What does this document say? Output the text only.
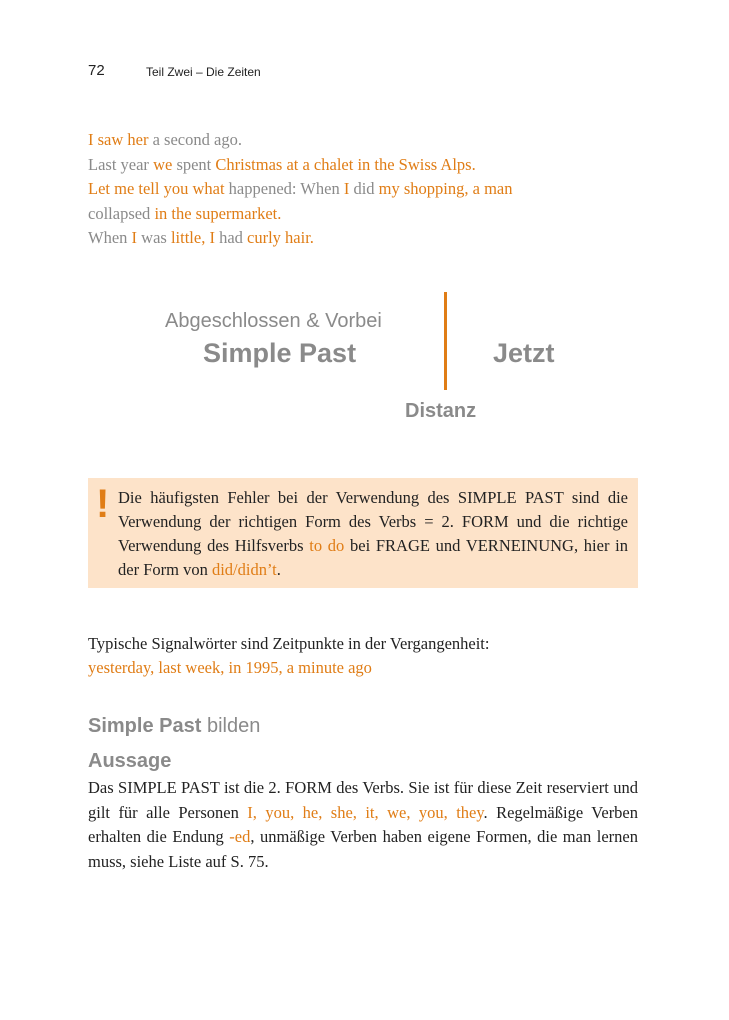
72	Teil Zwei – Die Zeiten

I saw her a second ago.

Last year we spent Christmas at a chalet in the Swiss Alps.

Let me tell you what happened: When I did my shopping, a man

collapsed in the supermarket.

When I was little, I had curly hair.

Abgeschlossen & Vorbei
Simple Past	Jetzt
Distanz
! Die häufigsten Fehler bei der Verwendung des SIMPLE PAST sind die Verwendung der richtigen Form des Verbs = 2. FORM und die richtige Verwendung des Hilfsverbs to do bei FRAGE und VERNEINUNG, hier in der Form von did/didn’t.

Typische Signalwörter sind Zeitpunkte in der Vergangenheit:

yesterday, last week, in 1995, a minute ago

Simple Past bilden
Aussage

Das SIMPLE PAST ist die 2. FORM des Verbs. Sie ist für diese Zeit reserviert und gilt für alle Personen I, you, he, she, it, we, you, they. Regelmäßige Verben erhalten die Endung -ed, unmäßige Verben haben eigene Formen, die man lernen muss, siehe Liste auf S. 75.
